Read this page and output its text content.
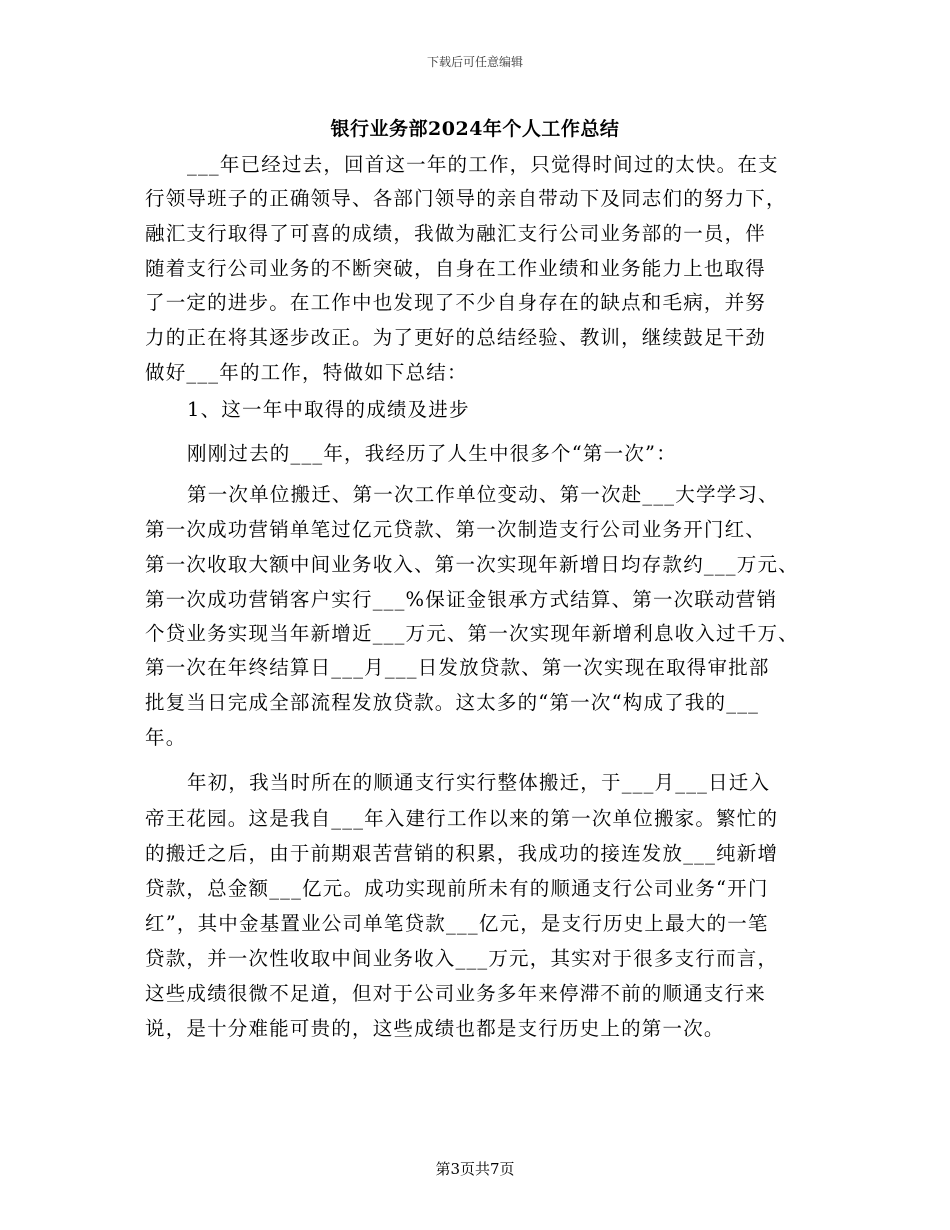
下载后可任意编辑
银行业务部2024年个人工作总结
___年已经过去，回首这一年的工作，只觉得时间过的太快。在支
行领导班子的正确领导、各部门领导的亲自带动下及同志们的努力下，
融汇支行取得了可喜的成绩，我做为融汇支行公司业务部的一员，伴
随着支行公司业务的不断突破，自身在工作业绩和业务能力上也取得
了一定的进步。在工作中也发现了不少自身存在的缺点和毛病，并努
力的正在将其逐步改正。为了更好的总结经验、教训，继续鼓足干劲
做好___年的工作，特做如下总结：
1、这一年中取得的成绩及进步
刚刚过去的___年，我经历了人生中很多个“第一次”：
第一次单位搬迁、第一次工作单位变动、第一次赴___大学学习、
第一次成功营销单笔过亿元贷款、第一次制造支行公司业务开门红、
第一次收取大额中间业务收入、第一次实现年新增日均存款约___万元、
第一次成功营销客户实行___%保证金银承方式结算、第一次联动营销
个贷业务实现当年新增近___万元、第一次实现年新增利息收入过千万、
第一次在年终结算日___月___日发放贷款、第一次实现在取得审批部
批复当日完成全部流程发放贷款。这太多的“第一次“构成了我的___
年。
年初，我当时所在的顺通支行实行整体搬迁，于___月___日迁入
帝王花园。这是我自___年入建行工作以来的第一次单位搬家。繁忙的
的搬迁之后，由于前期艰苦营销的积累，我成功的接连发放___纯新增
贷款，总金额___亿元。成功实现前所未有的顺通支行公司业务“开门
红”，其中金基置业公司单笔贷款___亿元，是支行历史上最大的一笔
贷款，并一次性收取中间业务收入___万元，其实对于很多支行而言，
这些成绩很微不足道，但对于公司业务多年来停滞不前的顺通支行来
说，是十分难能可贵的，这些成绩也都是支行历史上的第一次。
第3页共7页
